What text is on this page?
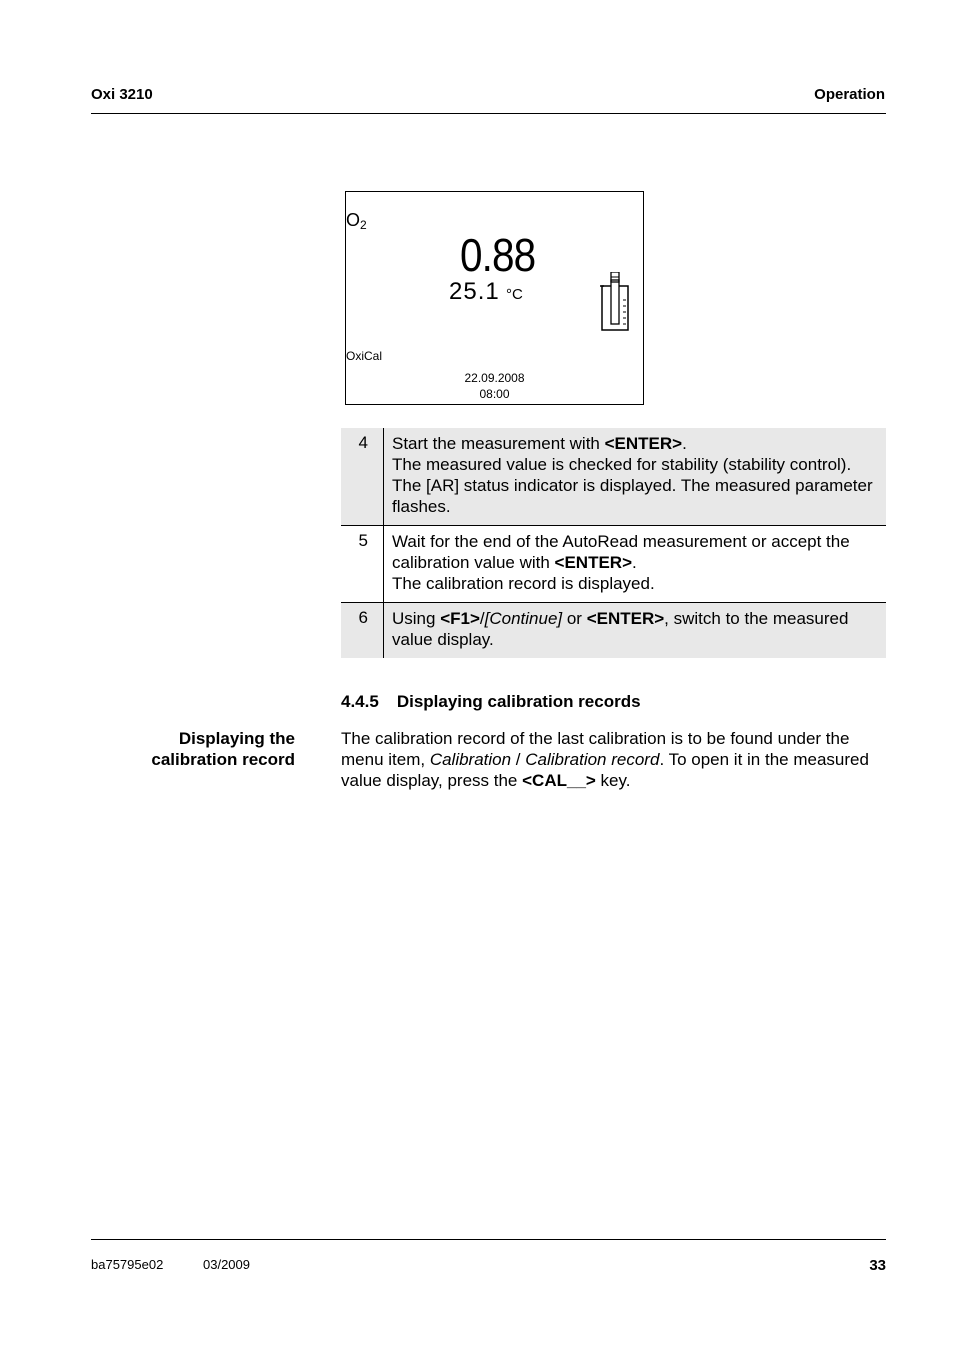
Oxi 3210	Operation
$O_2$
0.88
25.1 °C
OxiCal
22.09.2008
08:00
4	Start the measurement with <ENTER>.

The measured value is checked for stability (stability control). The [AR] status indicator is displayed. The measured parameter flashes.

5	Wait for the end of the AutoRead measurement or accept the calibration value with <ENTER>.

The calibration record is displayed.

6	Using <F1>/[Continue] or <ENTER>, switch to the measured value display.

4.4.5 Displaying calibration records
Displaying the
calibration record

The calibration record of the last calibration is to be found under the menu item, Calibration / Calibration record. To open it in the measured value display, press the <CAL__> key.

ba75795e02	03/2009	33
